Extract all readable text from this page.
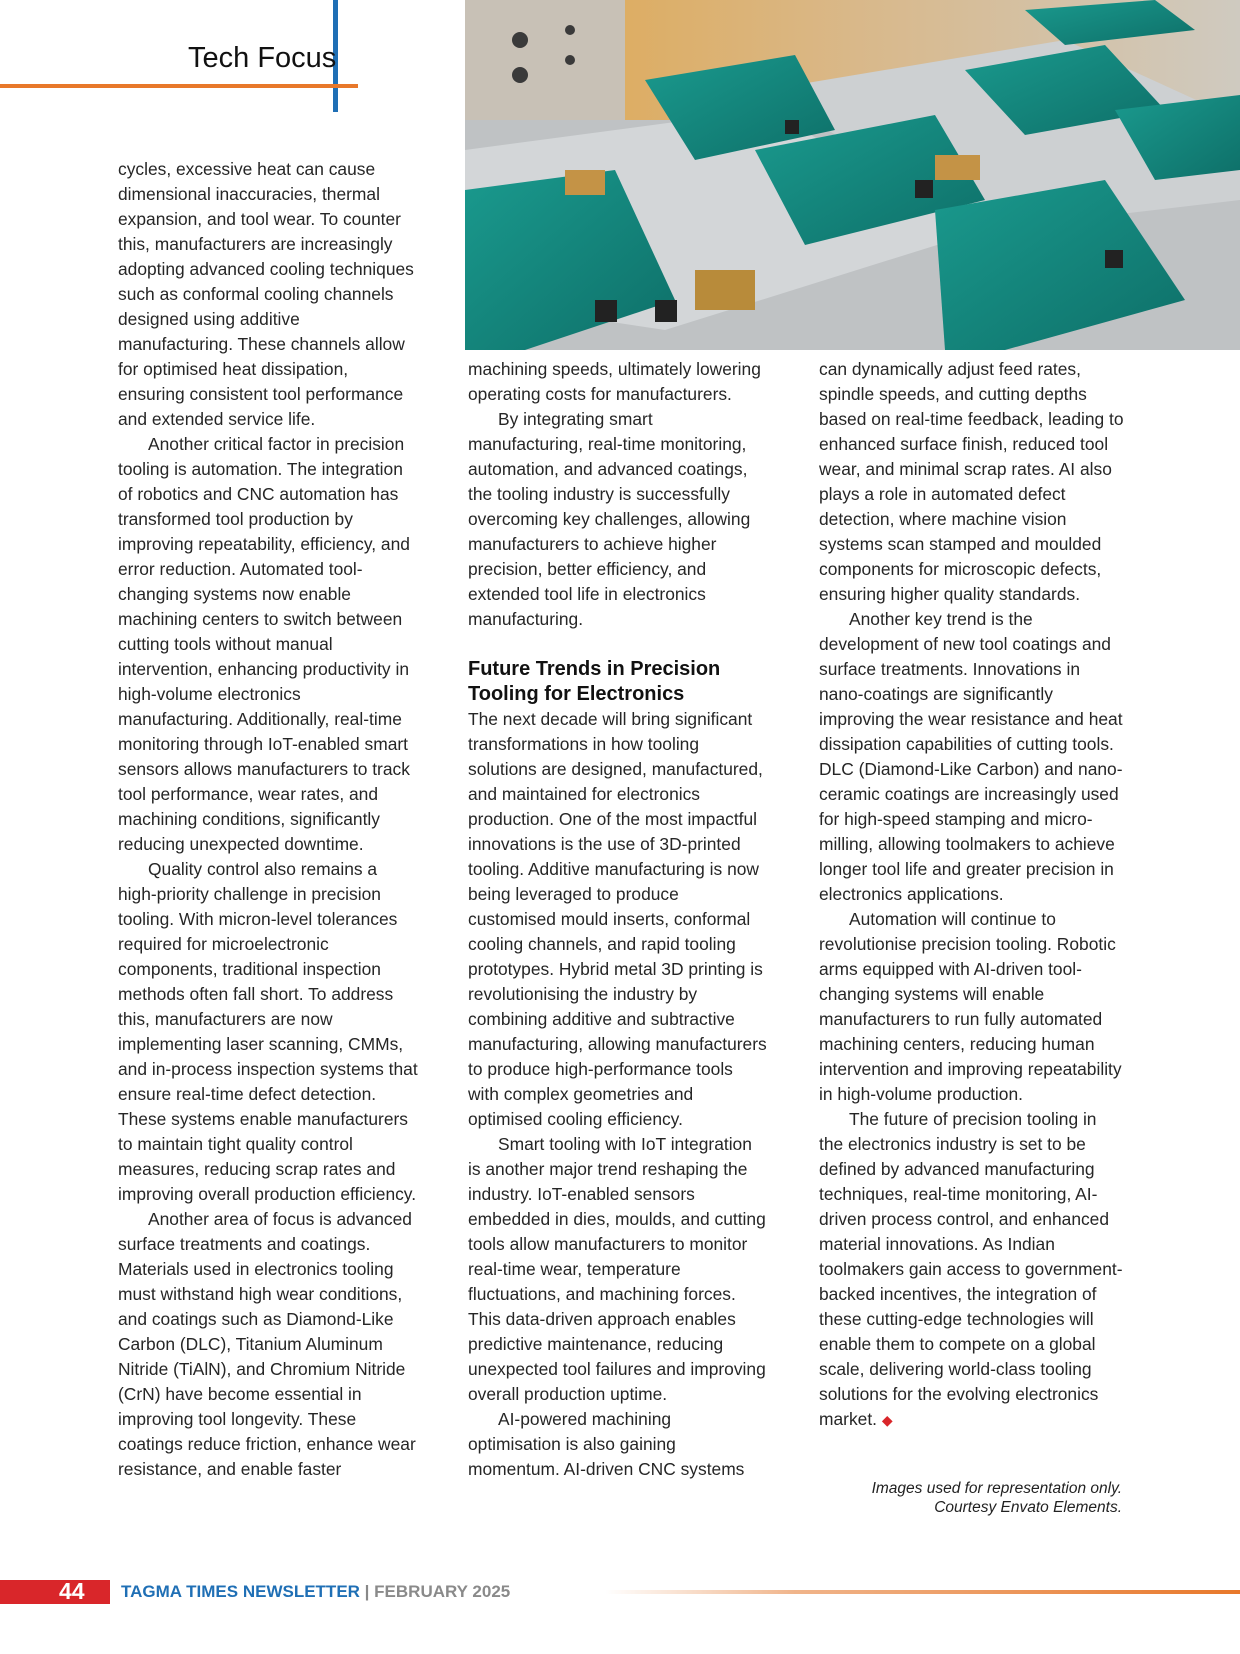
Tech Focus

cycles, excessive heat can cause dimensional inaccuracies, thermal expansion, and tool wear. To counter this, manufacturers are increasingly adopting advanced cooling techniques such as conformal cooling channels designed using additive manufacturing. These channels allow for optimised heat dissipation, ensuring consistent tool performance and extended service life.

Another critical factor in precision tooling is automation. The integration of robotics and CNC automation has transformed tool production by improving repeatability, efficiency, and error reduction. Automated tool-changing systems now enable machining centers to switch between cutting tools without manual intervention, enhancing productivity in high-volume electronics manufacturing. Additionally, real-time monitoring through IoT-enabled smart sensors allows manufacturers to track tool performance, wear rates, and machining conditions, significantly reducing unexpected downtime.

Quality control also remains a high-priority challenge in precision tooling. With micron-level tolerances required for microelectronic components, traditional inspection methods often fall short. To address this, manufacturers are now implementing laser scanning, CMMs, and in-process inspection systems that ensure real-time defect detection. These systems enable manufacturers to maintain tight quality control measures, reducing scrap rates and improving overall production efficiency.

Another area of focus is advanced surface treatments and coatings. Materials used in electronics tooling must withstand high wear conditions, and coatings such as Diamond-Like Carbon (DLC), Titanium Aluminum Nitride (TiAlN), and Chromium Nitride (CrN) have become essential in improving tool longevity. These coatings reduce friction, enhance wear resistance, and enable faster

machining speeds, ultimately lowering operating costs for manufacturers.

By integrating smart manufacturing, real-time monitoring, automation, and advanced coatings, the tooling industry is successfully overcoming key challenges, allowing manufacturers to achieve higher precision, better efficiency, and extended tool life in electronics manufacturing.

Future Trends in Precision Tooling for Electronics

The next decade will bring significant transformations in how tooling solutions are designed, manufactured, and maintained for electronics production. One of the most impactful innovations is the use of 3D-printed tooling. Additive manufacturing is now being leveraged to produce customised mould inserts, conformal cooling channels, and rapid tooling prototypes. Hybrid metal 3D printing is revolutionising the industry by combining additive and subtractive manufacturing, allowing manufacturers to produce high-performance tools with complex geometries and optimised cooling efficiency.

Smart tooling with IoT integration is another major trend reshaping the industry. IoT-enabled sensors embedded in dies, moulds, and cutting tools allow manufacturers to monitor real-time wear, temperature fluctuations, and machining forces. This data-driven approach enables predictive maintenance, reducing unexpected tool failures and improving overall production uptime.

AI-powered machining optimisation is also gaining momentum. AI-driven CNC systems

can dynamically adjust feed rates, spindle speeds, and cutting depths based on real-time feedback, leading to enhanced surface finish, reduced tool wear, and minimal scrap rates. AI also plays a role in automated defect detection, where machine vision systems scan stamped and moulded components for microscopic defects, ensuring higher quality standards.

Another key trend is the development of new tool coatings and surface treatments. Innovations in nano-coatings are significantly improving the wear resistance and heat dissipation capabilities of cutting tools. DLC (Diamond-Like Carbon) and nano-ceramic coatings are increasingly used for high-speed stamping and micro-milling, allowing toolmakers to achieve longer tool life and greater precision in electronics applications.

Automation will continue to revolutionise precision tooling. Robotic arms equipped with AI-driven tool-changing systems will enable manufacturers to run fully automated machining centers, reducing human intervention and improving repeatability in high-volume production.

The future of precision tooling in the electronics industry is set to be defined by advanced manufacturing techniques, real-time monitoring, AI-driven process control, and enhanced material innovations. As Indian toolmakers gain access to government-backed incentives, the integration of these cutting-edge technologies will enable them to compete on a global scale, delivering world-class tooling solutions for the evolving electronics market. ◆

Images used for representation only.
Courtesy Envato Elements.
44 TAGMA TIMES NEWSLETTER | FEBRUARY 2025
